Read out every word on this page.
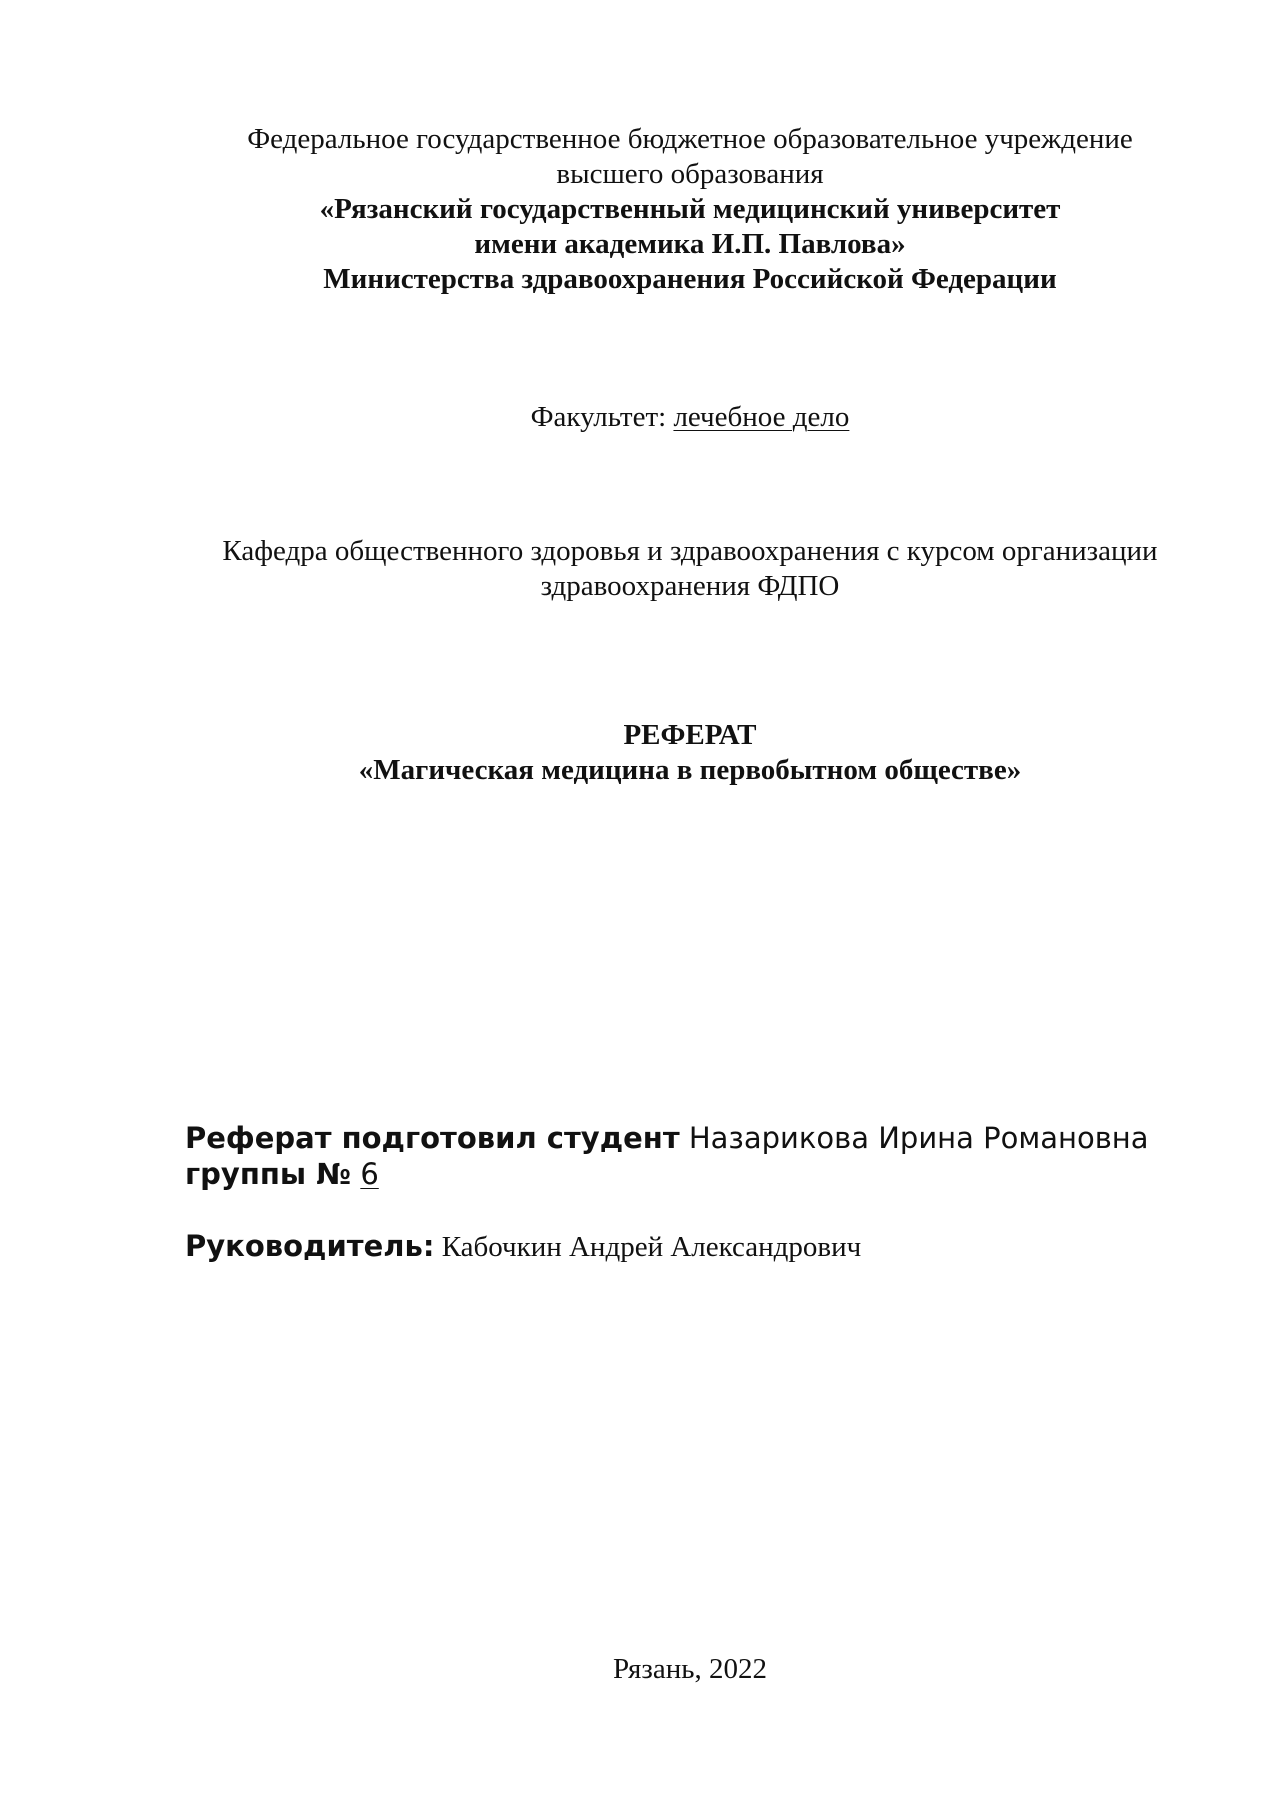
Федеральное государственное бюджетное образовательное учреждение
высшего образования
«Рязанский государственный медицинский университет
имени академика И.П. Павлова»
Министерства здравоохранения Российской Федерации
Факультет: лечебное дело
Кафедра общественного здоровья и здравоохранения с курсом организации
здравоохранения ФДПО
РЕФЕРАТ
«Магическая медицина в первобытном обществе»
Реферат подготовил студент Назарикова Ирина Романовна
группы № 6
Руководитель: Кабочкин Андрей Александрович
Рязань, 2022
